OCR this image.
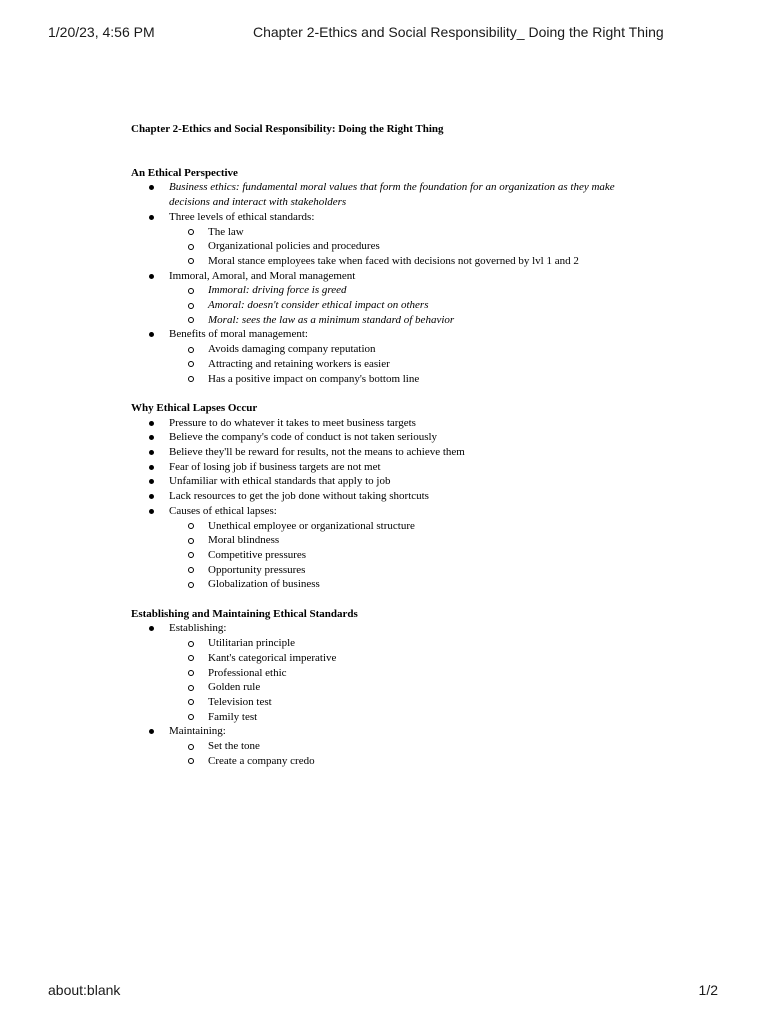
1/20/23, 4:56 PM	Chapter 2-Ethics and Social Responsibility_ Doing the Right Thing

Chapter 2-Ethics and Social Responsibility: Doing the Right Thing

An Ethical Perspective

Business ethics: fundamental moral values that form the foundation for an organization as they make decisions and interact with stakeholders
Three levels of ethical standards:
The law
Organizational policies and procedures
Moral stance employees take when faced with decisions not governed by lvl 1 and 2
Immoral, Amoral, and Moral management
Immoral: driving force is greed
Amoral: doesn't consider ethical impact on others
Moral: sees the law as a minimum standard of behavior
Benefits of moral management:
Avoids damaging company reputation
Attracting and retaining workers is easier
Has a positive impact on company's bottom line

Why Ethical Lapses Occur

Pressure to do whatever it takes to meet business targets
Believe the company's code of conduct is not taken seriously
Believe they'll be reward for results, not the means to achieve them
Fear of losing job if business targets are not met
Unfamiliar with ethical standards that apply to job
Lack resources to get the job done without taking shortcuts
Causes of ethical lapses:
Unethical employee or organizational structure
Moral blindness
Competitive pressures
Opportunity pressures
Globalization of business

Establishing and Maintaining Ethical Standards

Establishing:
Utilitarian principle
Kant's categorical imperative
Professional ethic
Golden rule
Television test
Family test
Maintaining:
Set the tone
Create a company credo
about:blank	1/2
